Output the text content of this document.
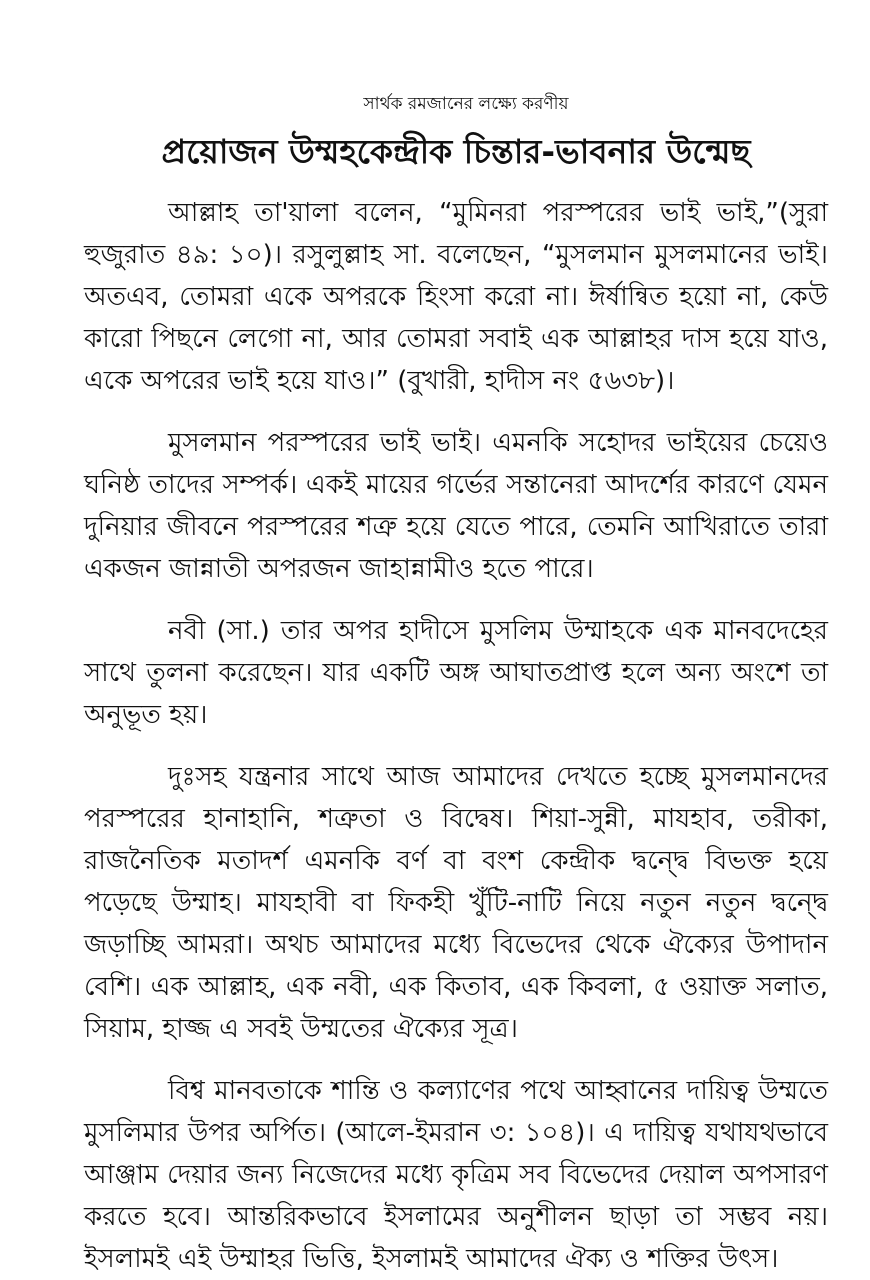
সার্থক রমজানের লক্ষ্যে করণীয়
প্রয়োজন উম্মহকেন্দ্রীক চিন্তার-ভাবনার উন্মেছ

আল্লাহ তা'য়ালা বলেন, “মুমিনরা পরস্পরের ভাই ভাই,”(সুরা হুজুরাত ৪৯: ১০)। রসুলুল্লাহ সা. বলেছেন, “মুসলমান মুসলমানের ভাই। অতএব, তোমরা একে অপরকে হিংসা করো না। ঈর্ষান্বিত হয়ো না, কেউ কারো পিছনে লেগো না, আর তোমরা সবাই এক আল্লাহর দাস হয়ে যাও, একে অপরের ভাই হয়ে যাও।” (বুখারী, হাদীস নং ৫৬৩৮)।

মুসলমান পরস্পরের ভাই ভাই। এমনকি সহোদর ভাইয়ের চেয়েও ঘনিষ্ঠ তাদের সম্পর্ক। একই মায়ের গর্ভের সন্তানেরা আদর্শের কারণে যেমন দুনিয়ার জীবনে পরস্পরের শত্রু হয়ে যেতে পারে, তেমনি আখিরাতে তারা একজন জান্নাতী অপরজন জাহান্নামীও হতে পারে।

নবী (সা.) তার অপর হাদীসে মুসলিম উম্মাহকে এক মানবদেহের সাথে তুলনা করেছেন। যার একটি অঙ্গ আঘাতপ্রাপ্ত হলে অন্য অংশে তা অনুভূত হয়।

দুঃসহ যন্ত্রনার সাথে আজ আমাদের দেখতে হচ্ছে মুসলমানদের পরস্পরের হানাহানি, শত্রুতা ও বিদ্বেষ। শিয়া-সুন্নী, মাযহাব, তরীকা, রাজনৈতিক মতাদর্শ এমনকি বর্ণ বা বংশ কেন্দ্রীক দ্বন্দ্বে বিভক্ত হয়ে পড়েছে উম্মাহ। মাযহাবী বা ফিকহী খুঁটি-নাটি নিয়ে নতুন নতুন দ্বন্দ্বে জড়াচ্ছি আমরা। অথচ আমাদের মধ্যে বিভেদের থেকে ঐক্যের উপাদান বেশি। এক আল্লাহ, এক নবী, এক কিতাব, এক কিবলা, ৫ ওয়াক্ত সলাত, সিয়াম, হাজ্জ এ সবই উম্মতের ঐক্যের সূত্র।

বিশ্ব মানবতাকে শান্তি ও কল্যাণের পথে আহ্বানের দায়িত্ব উম্মতে মুসলিমার উপর অর্পিত। (আলে-ইমরান ৩: ১০৪)। এ দায়িত্ব যথাযথভাবে আঞ্জাম দেয়ার জন্য নিজেদের মধ্যে কৃত্রিম সব বিভেদের দেয়াল অপসারণ করতে হবে। আন্তরিকভাবে ইসলামের অনুশীলন ছাড়া তা সম্ভব নয়। ইসলামই এই উম্মাহর ভিত্তি, ইসলামই আমাদের ঐক্য ও শক্তির উৎস।
